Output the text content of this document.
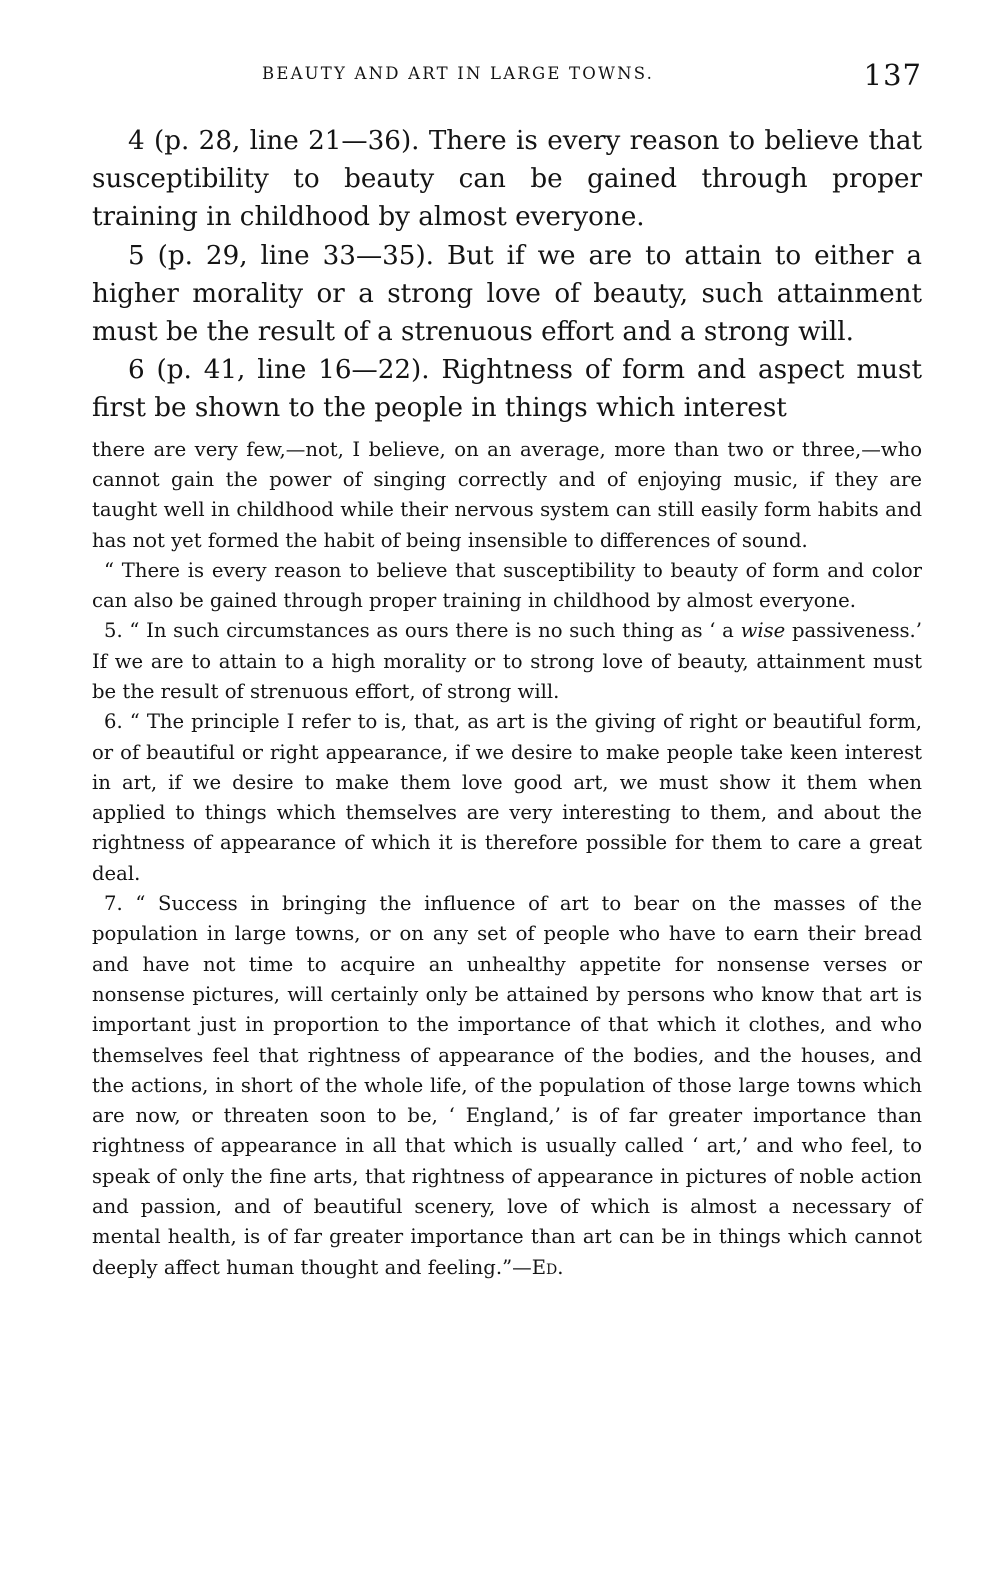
BEAUTY AND ART IN LARGE TOWNS.	137

4 (p. 28, line 21—36). There is every reason to believe that susceptibility to beauty can be gained through proper training in childhood by almost everyone.

5 (p. 29, line 33—35). But if we are to attain to either a higher morality or a strong love of beauty, such attainment must be the result of a strenuous effort and a strong will.

6 (p. 41, line 16—22). Rightness of form and aspect must first be shown to the people in things which interest

there are very few,—not, I believe, on an average, more than two or three,—who cannot gain the power of singing correctly and of enjoying music, if they are taught well in childhood while their nervous system can still easily form habits and has not yet formed the habit of being insensible to differences of sound.

“ There is every reason to believe that susceptibility to beauty of form and color can also be gained through proper training in childhood by almost everyone.

5. “ In such circumstances as ours there is no such thing as ‘ a wise passiveness.’ If we are to attain to a high morality or to strong love of beauty, attainment must be the result of strenuous effort, of strong will.

6. “ The principle I refer to is, that, as art is the giving of right or beautiful form, or of beautiful or right appearance, if we desire to make people take keen interest in art, if we desire to make them love good art, we must show it them when applied to things which themselves are very interesting to them, and about the rightness of appearance of which it is therefore possible for them to care a great deal.

7. “ Success in bringing the influence of art to bear on the masses of the population in large towns, or on any set of people who have to earn their bread and have not time to acquire an unhealthy appetite for nonsense verses or nonsense pictures, will certainly only be attained by persons who know that art is important just in proportion to the importance of that which it clothes, and who themselves feel that rightness of appearance of the bodies, and the houses, and the actions, in short of the whole life, of the population of those large towns which are now, or threaten soon to be, ‘ England,’ is of far greater importance than rightness of appearance in all that which is usually called ‘ art,’ and who feel, to speak of only the fine arts, that rightness of appearance in pictures of noble action and passion, and of beautiful scenery, love of which is almost a necessary of mental health, is of far greater importance than art can be in things which cannot deeply affect human thought and feeling.”—Ed.
